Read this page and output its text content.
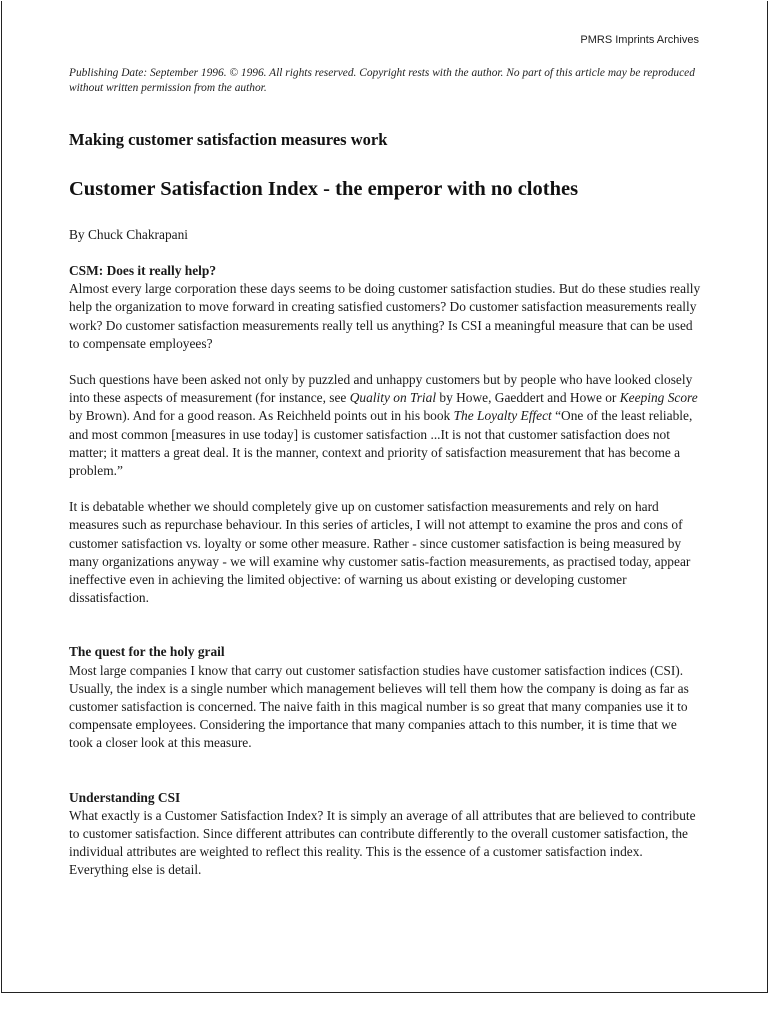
PMRS Imprints Archives
Publishing Date: September 1996. © 1996. All rights reserved. Copyright rests with the author. No part of this article may be reproduced without written permission from the author.
Making customer satisfaction measures work
Customer Satisfaction Index - the emperor with no clothes
By Chuck Chakrapani
CSM: Does it really help?

Almost every large corporation these days seems to be doing customer satisfaction studies. But do these studies really help the organization to move forward in creating satisfied customers? Do customer satisfaction measurements really work? Do customer satisfaction measurements really tell us anything? Is CSI a meaningful measure that can be used to compensate employees?

Such questions have been asked not only by puzzled and unhappy customers but by people who have looked closely into these aspects of measurement (for instance, see Quality on Trial by Howe, Gaeddert and Howe or Keeping Score by Brown). And for a good reason. As Reichheld points out in his book The Loyalty Effect “One of the least reliable, and most common [measures in use today] is customer satisfaction ...It is not that customer satisfaction does not matter; it matters a great deal. It is the manner, context and priority of satisfaction measurement that has become a problem.”

It is debatable whether we should completely give up on customer satisfaction measurements and rely on hard measures such as repurchase behaviour. In this series of articles, I will not attempt to examine the pros and cons of customer satisfaction vs. loyalty or some other measure. Rather - since customer satisfaction is being measured by many organizations anyway - we will examine why customer satis-faction measurements, as practised today, appear ineffective even in achieving the limited objective: of warning us about existing or developing customer dissatisfaction.

The quest for the holy grail

Most large companies I know that carry out customer satisfaction studies have customer satisfaction indices (CSI). Usually, the index is a single number which management believes will tell them how the company is doing as far as customer satisfaction is concerned. The naive faith in this magical number is so great that many companies use it to compensate employees. Considering the importance that many companies attach to this number, it is time that we took a closer look at this measure.

Understanding CSI

What exactly is a Customer Satisfaction Index? It is simply an average of all attributes that are believed to contribute to customer satisfaction. Since different attributes can contribute differently to the overall customer satisfaction, the individual attributes are weighted to reflect this reality. This is the essence of a customer satisfaction index. Everything else is detail.
